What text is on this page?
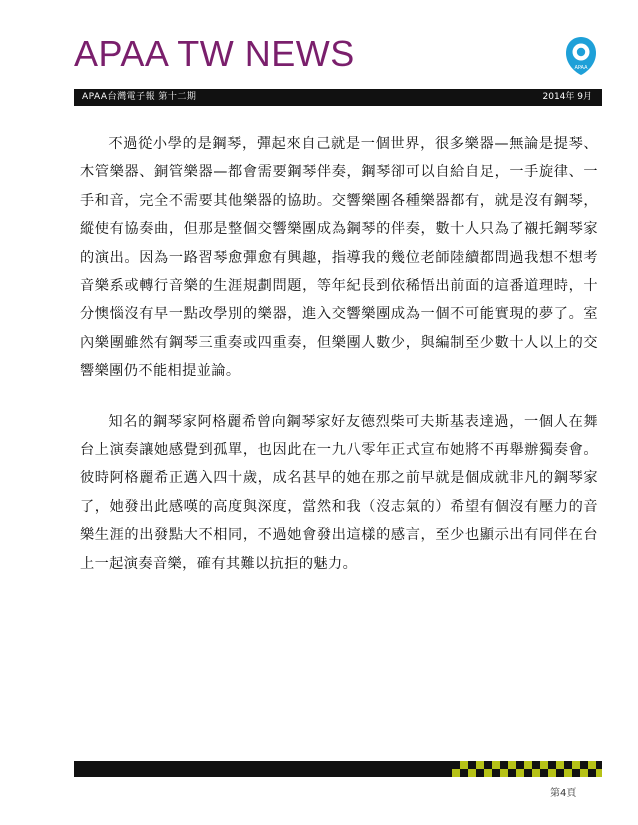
APAA TW NEWS	APAA
APAA台灣電子報 第十二期	2014年 9月

不過從小學的是鋼琴，彈起來自己就是一個世界，很多樂器—無論是提琴、木管樂器、銅管樂器—都會需要鋼琴伴奏，鋼琴卻可以自給自足，一手旋律、一手和音，完全不需要其他樂器的協助。交響樂團各種樂器都有，就是沒有鋼琴，縱使有協奏曲，但那是整個交響樂團成為鋼琴的伴奏，數十人只為了襯托鋼琴家的演出。因為一路習琴愈彈愈有興趣，指導我的幾位老師陸續都問過我想不想考音樂系或轉行音樂的生涯規劃問題，等年紀長到依稀悟出前面的這番道理時，十分懊惱沒有早一點改學別的樂器，進入交響樂團成為一個不可能實現的夢了。室內樂團雖然有鋼琴三重奏或四重奏，但樂團人數少，與編制至少數十人以上的交響樂團仍不能相提並論。

知名的鋼琴家阿格麗希曾向鋼琴家好友德烈柴可夫斯基表達過，一個人在舞台上演奏讓她感覺到孤單，也因此在一九八零年正式宣布她將不再舉辦獨奏會。彼時阿格麗希正邁入四十歲，成名甚早的她在那之前早就是個成就非凡的鋼琴家了，她發出此感嘆的高度與深度，當然和我（沒志氣的）希望有個沒有壓力的音樂生涯的出發點大不相同，不過她會發出這樣的感言，至少也顯示出有同伴在台上一起演奏音樂，確有其難以抗拒的魅力。

第4頁
